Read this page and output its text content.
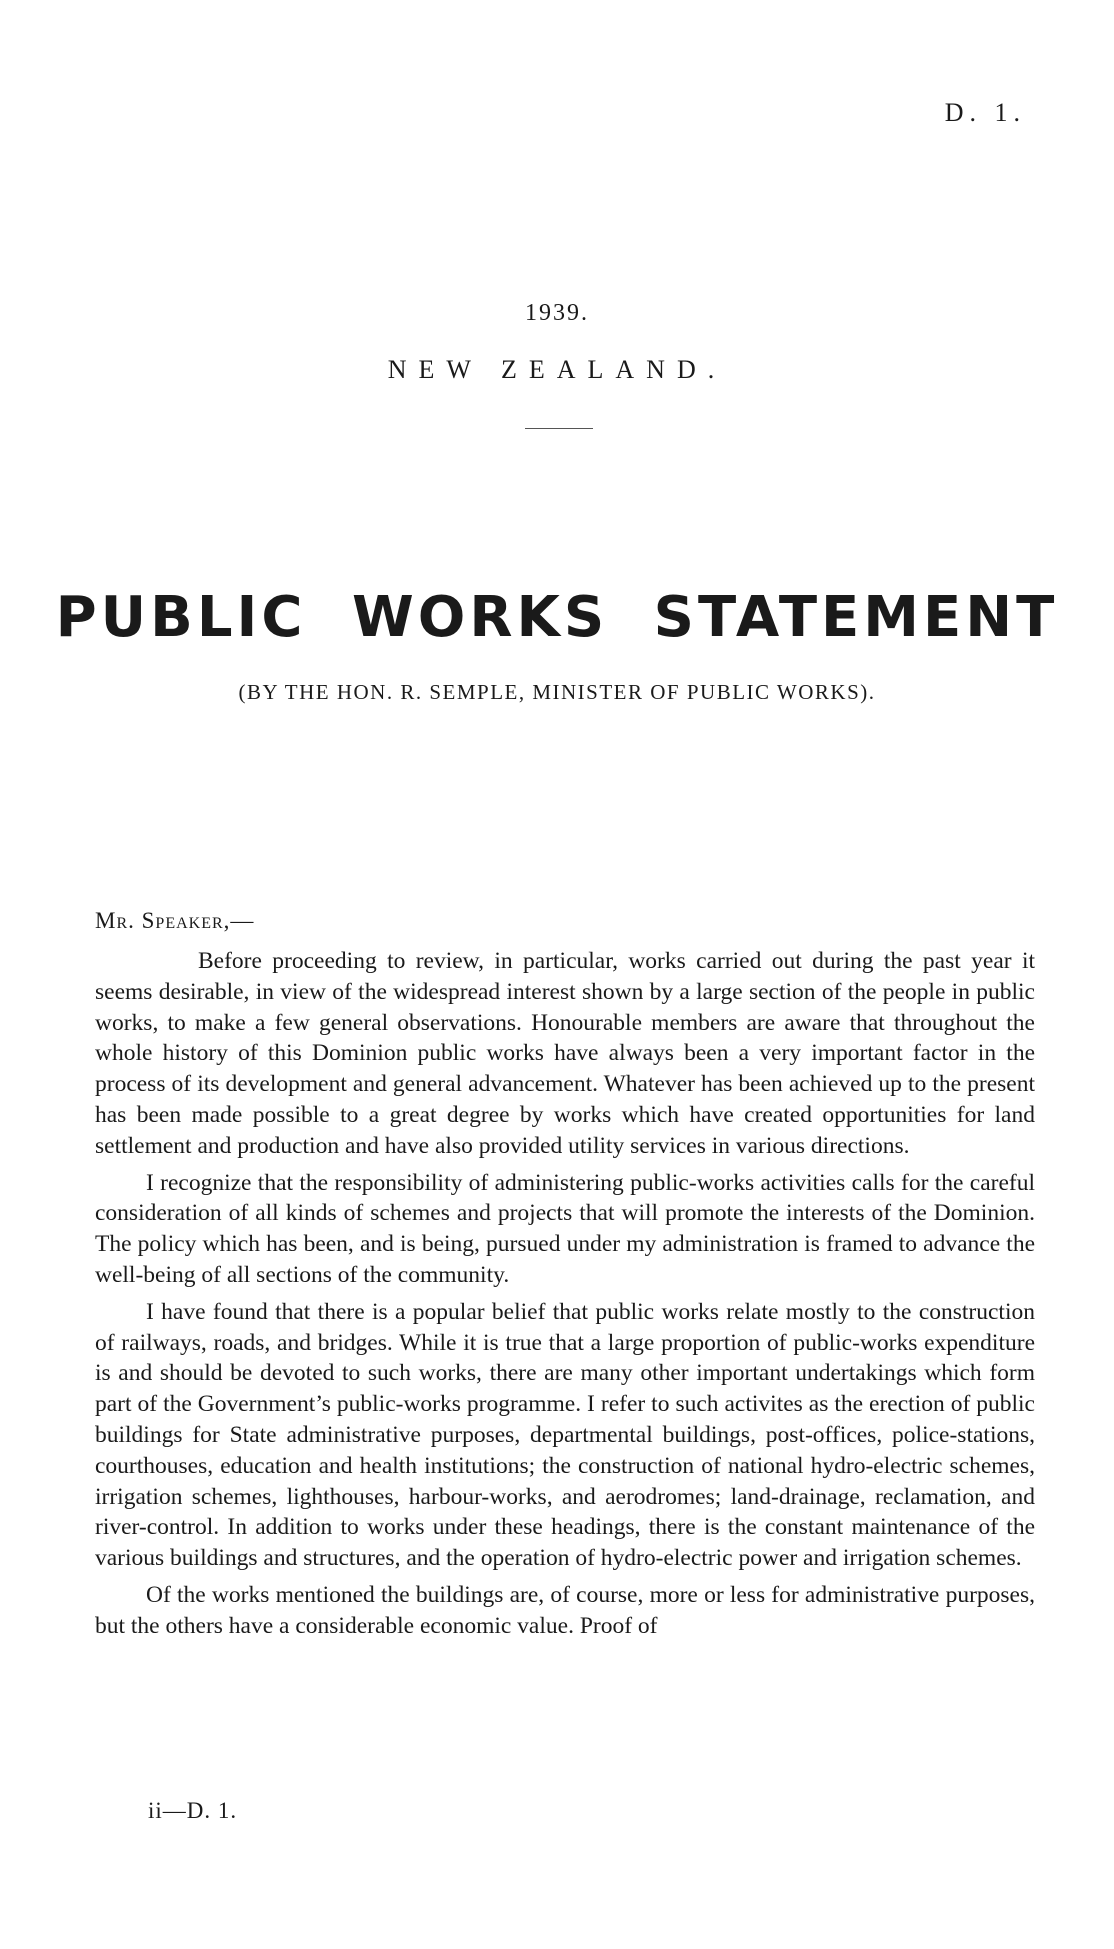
D. 1.
1939.
NEW ZEALAND.
PUBLIC WORKS STATEMENT
(BY THE HON. R. SEMPLE, MINISTER OF PUBLIC WORKS).
Mr. Speaker,—

Before proceeding to review, in particular, works carried out during the past year it seems desirable, in view of the widespread interest shown by a large section of the people in public works, to make a few general observations. Honourable members are aware that throughout the whole history of this Dominion public works have always been a very important factor in the process of its development and general advancement. Whatever has been achieved up to the present has been made possible to a great degree by works which have created opportunities for land settlement and production and have also provided utility services in various directions.

I recognize that the responsibility of administering public-works activities calls for the careful consideration of all kinds of schemes and projects that will promote the interests of the Dominion. The policy which has been, and is being, pursued under my administration is framed to advance the well-being of all sections of the community.

I have found that there is a popular belief that public works relate mostly to the construction of railways, roads, and bridges. While it is true that a large proportion of public-works expenditure is and should be devoted to such works, there are many other important undertakings which form part of the Government’s public-works programme. I refer to such activites as the erection of public buildings for State administrative purposes, departmental buildings, post-offices, police-stations, courthouses, education and health institutions; the construction of national hydro-electric schemes, irrigation schemes, lighthouses, harbour-works, and aerodromes; land-drainage, reclamation, and river-control. In addition to works under these headings, there is the constant maintenance of the various buildings and structures, and the operation of hydro-electric power and irrigation schemes.

Of the works mentioned the buildings are, of course, more or less for administrative purposes, but the others have a considerable economic value. Proof of

ii—D. 1.
